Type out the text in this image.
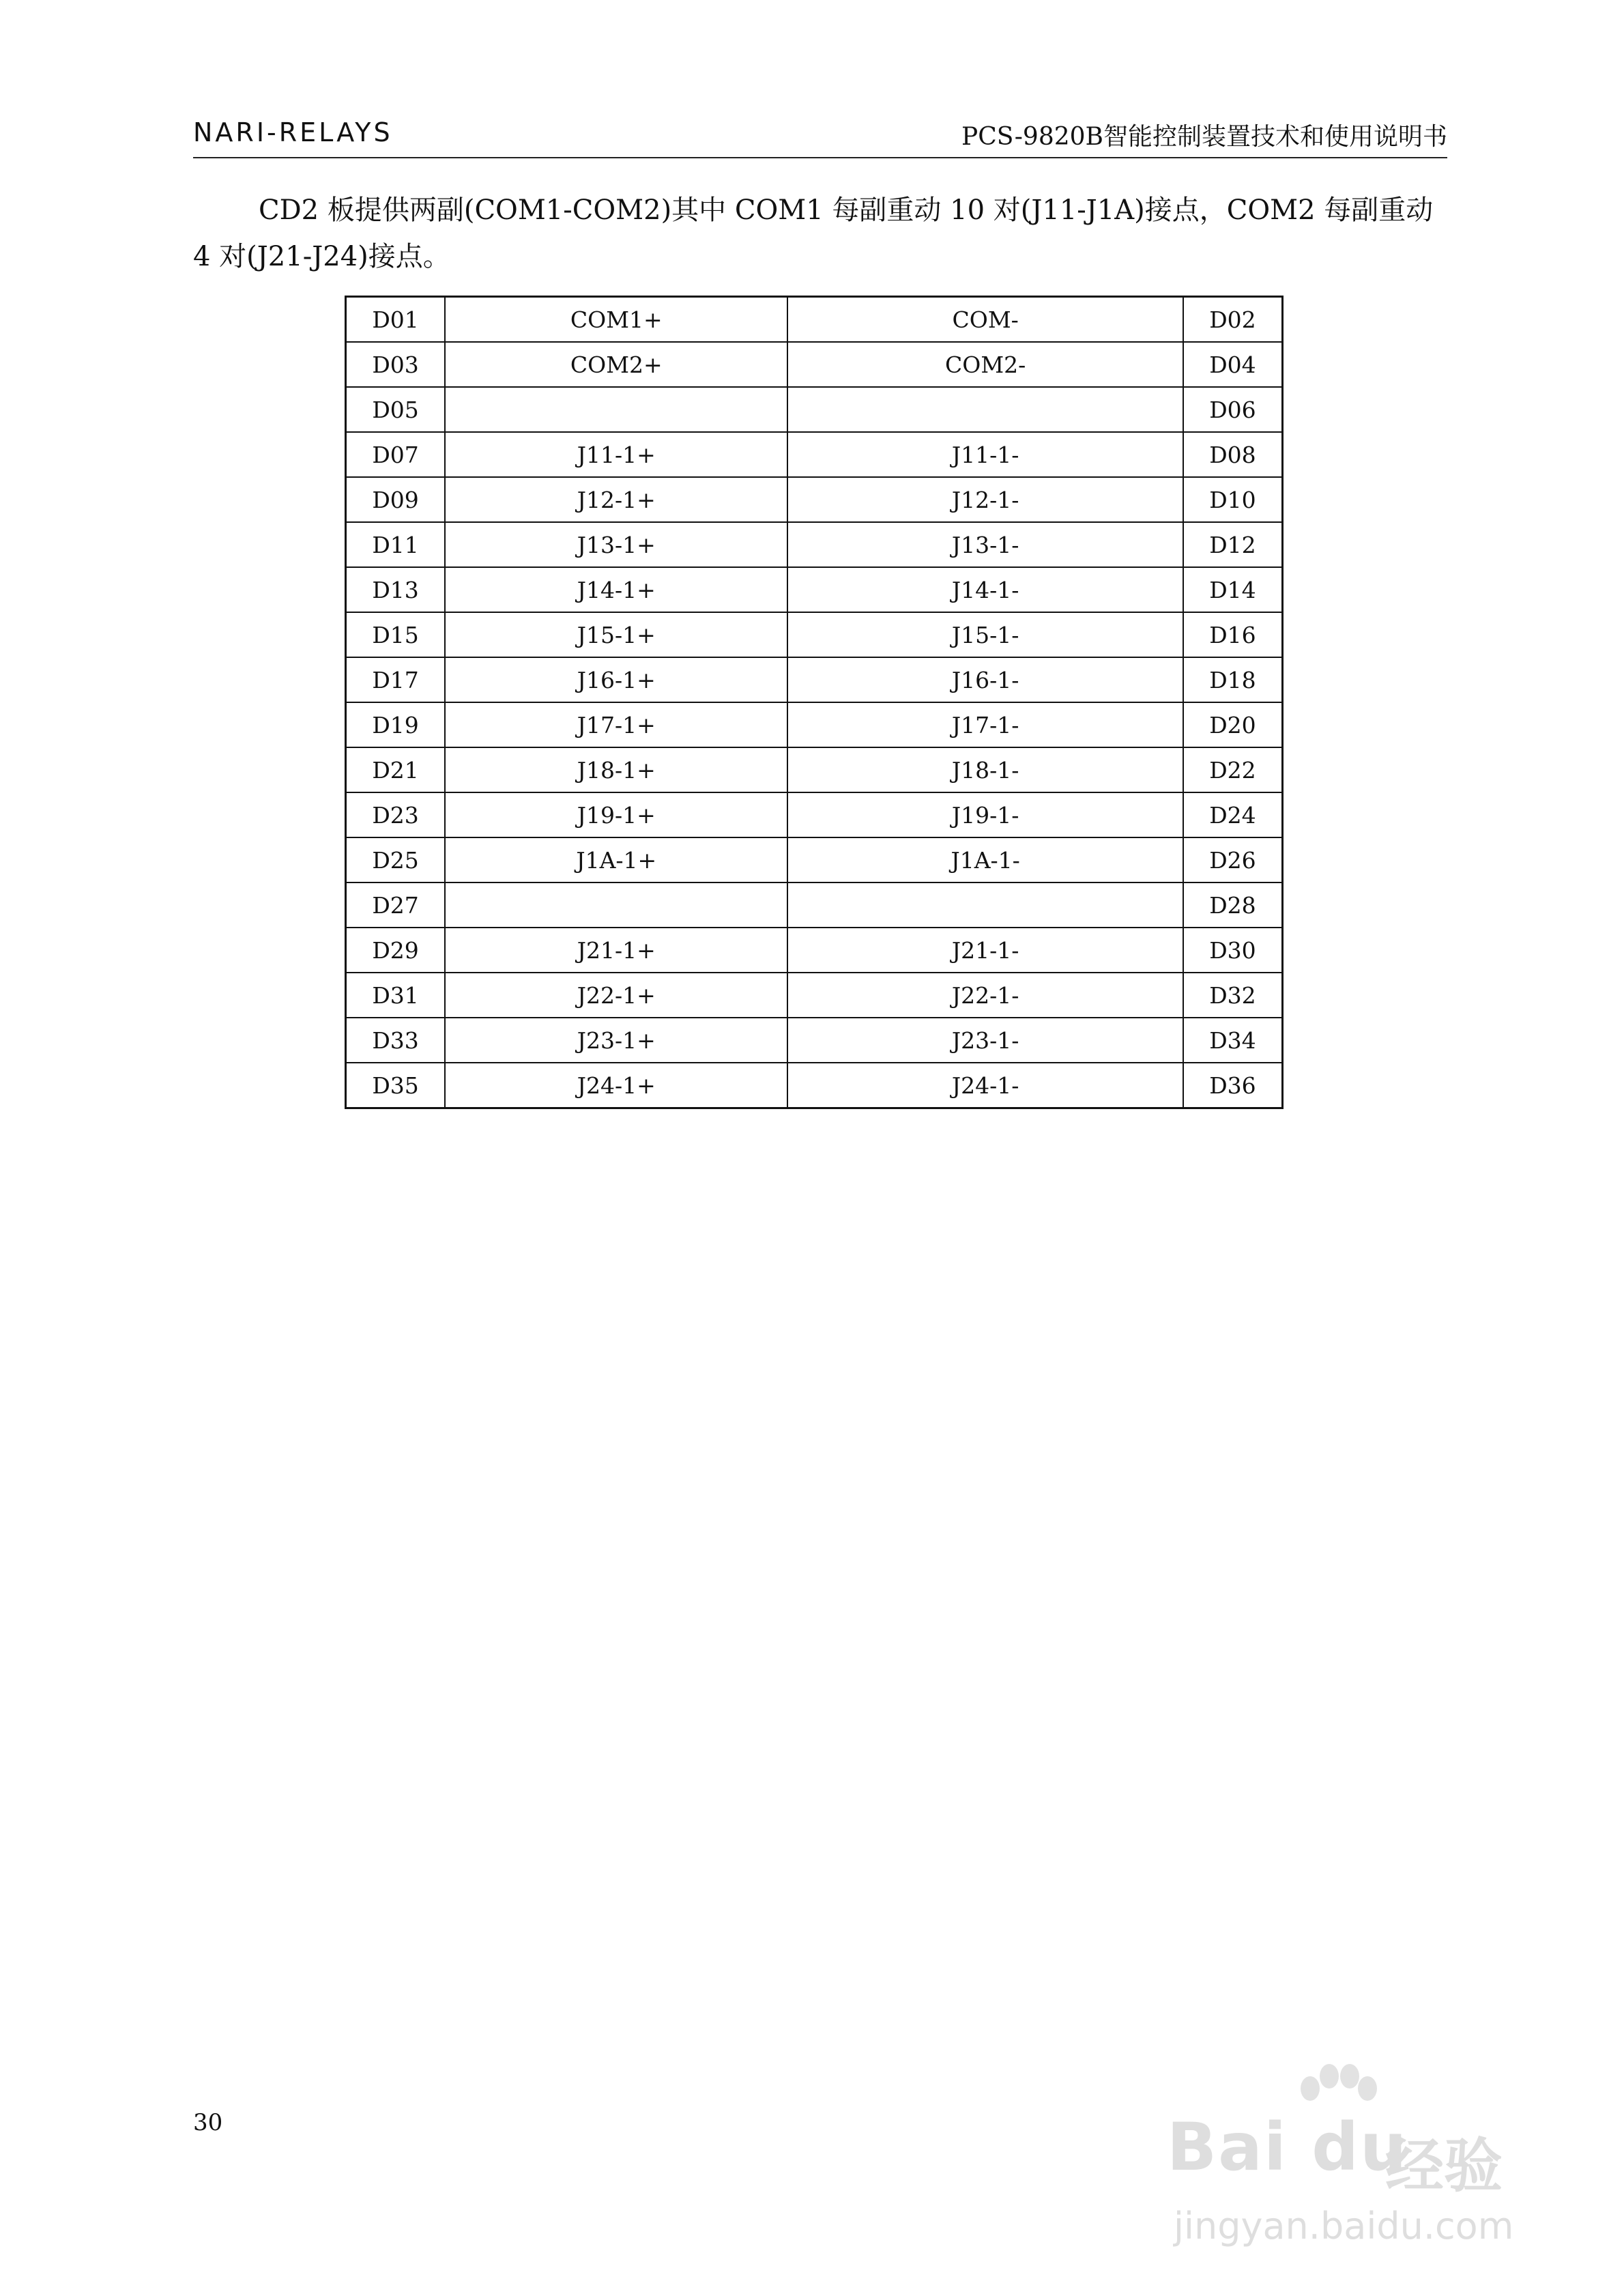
NARI-RELAYS	PCS-9820B智能控制装置技术和使用说明书

CD2 板提供两副(COM1-COM2)其中 COM1 每副重动 10 对(J11-J1A)接点，COM2 每副重动 4 对(J21-J24)接点。

D01	COM1+	COM-	D02
D03	COM2+	COM2-	D04
D05			D06
D07	J11-1+	J11-1-	D08
D09	J12-1+	J12-1-	D10
D11	J13-1+	J13-1-	D12
D13	J14-1+	J14-1-	D14
D15	J15-1+	J15-1-	D16
D17	J16-1+	J16-1-	D18
D19	J17-1+	J17-1-	D20
D21	J18-1+	J18-1-	D22
D23	J19-1+	J19-1-	D24
D25	J1A-1+	J1A-1-	D26
D27			D28
D29	J21-1+	J21-1-	D30
D31	J22-1+	J22-1-	D32
D33	J23-1+	J23-1-	D34
D35	J24-1+	J24-1-	D36
30	Bai du
经验
jingyan.baidu.com
